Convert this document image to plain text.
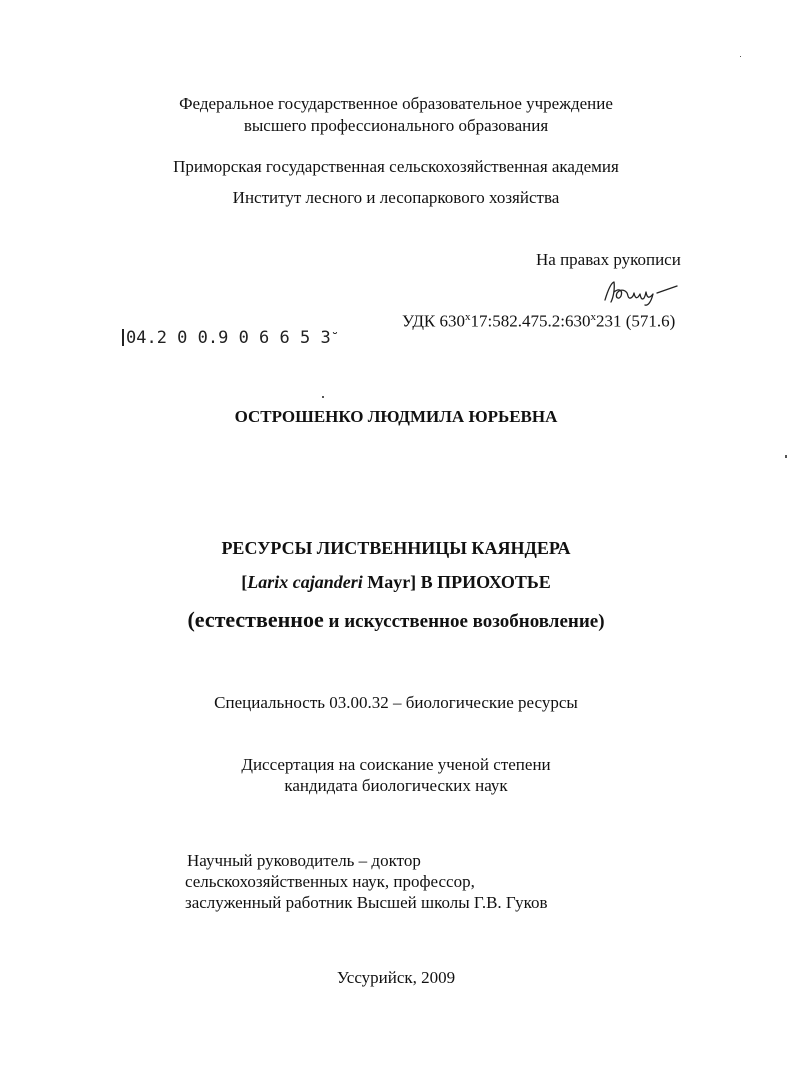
Федеральное государственное образовательное учреждение
высшего профессионального образования
Приморская государственная сельскохозяйственная академия
Институт лесного и лесопаркового хозяйства
На правах рукописи
УДК 630$^x$17:582.475.2:630$^x$231 (571.6)
04.2 0 0.9 0 6 6 5 3˘
ОСТРОШЕНКО ЛЮДМИЛА ЮРЬЕВНА
РЕСУРСЫ ЛИСТВЕННИЦЫ КАЯНДЕРА
[Larix cajanderi Mayr] В ПРИОХОТЬЕ
(естественное и искусственное возобновление)
Специальность 03.00.32 – биологические ресурсы
Диссертация на соискание ученой степени
кандидата биологических наук
Научный руководитель – доктор
сельскохозяйственных наук, профессор,
заслуженный работник Высшей школы Г.В. Гуков
Уссурийск, 2009
